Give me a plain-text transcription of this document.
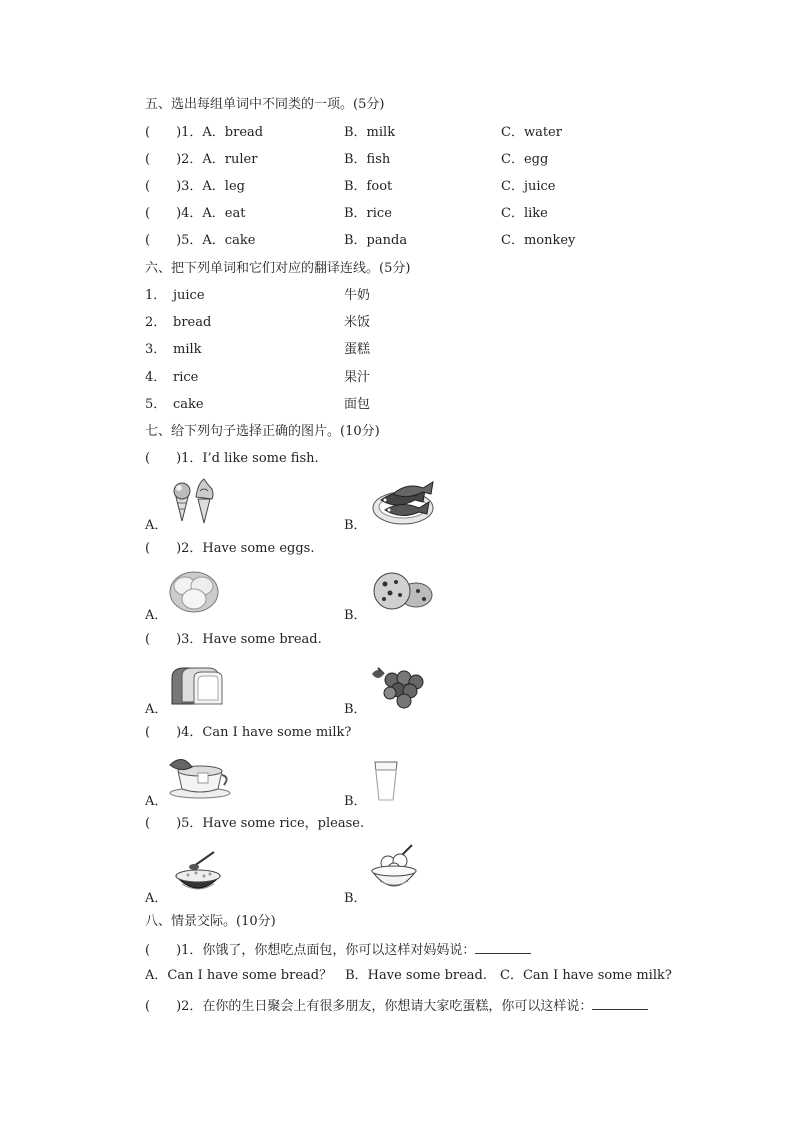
五、选出每组单词中不同类的一项。(5分)
(　　)1．A．bread	B．milk	C．water
(　　)2．A．ruler	B．fish	C．egg
(　　)3．A．leg	B．foot	C．juice
(　　)4．A．eat	B．rice	C．like
(　　)5．A．cake	B．panda	C．monkey
六、把下列单词和它们对应的翻译连线。(5分)
1． juice	牛奶
2． bread	米饭
3． milk	蛋糕
4． rice	果汁
5． cake	面包
七、给下列句子选择正确的图片。(10分)
(　　)1．I’d like some fish.
A．	B．
(　　)2．Have some eggs.
A．	B．
(　　)3．Have some bread.
A．	B．
(　　)4．Can I have some milk?
A．	B．
(　　)5．Have some rice，please.
A．	B．
八、情景交际。(10分)
(　　)1．你饿了，你想吃点面包，你可以这样对妈妈说：
A．Can I have some bread？　B．Have some bread.　C．Can I have some milk?
(　　)2．在你的生日聚会上有很多朋友，你想请大家吃蛋糕，你可以这样说：
